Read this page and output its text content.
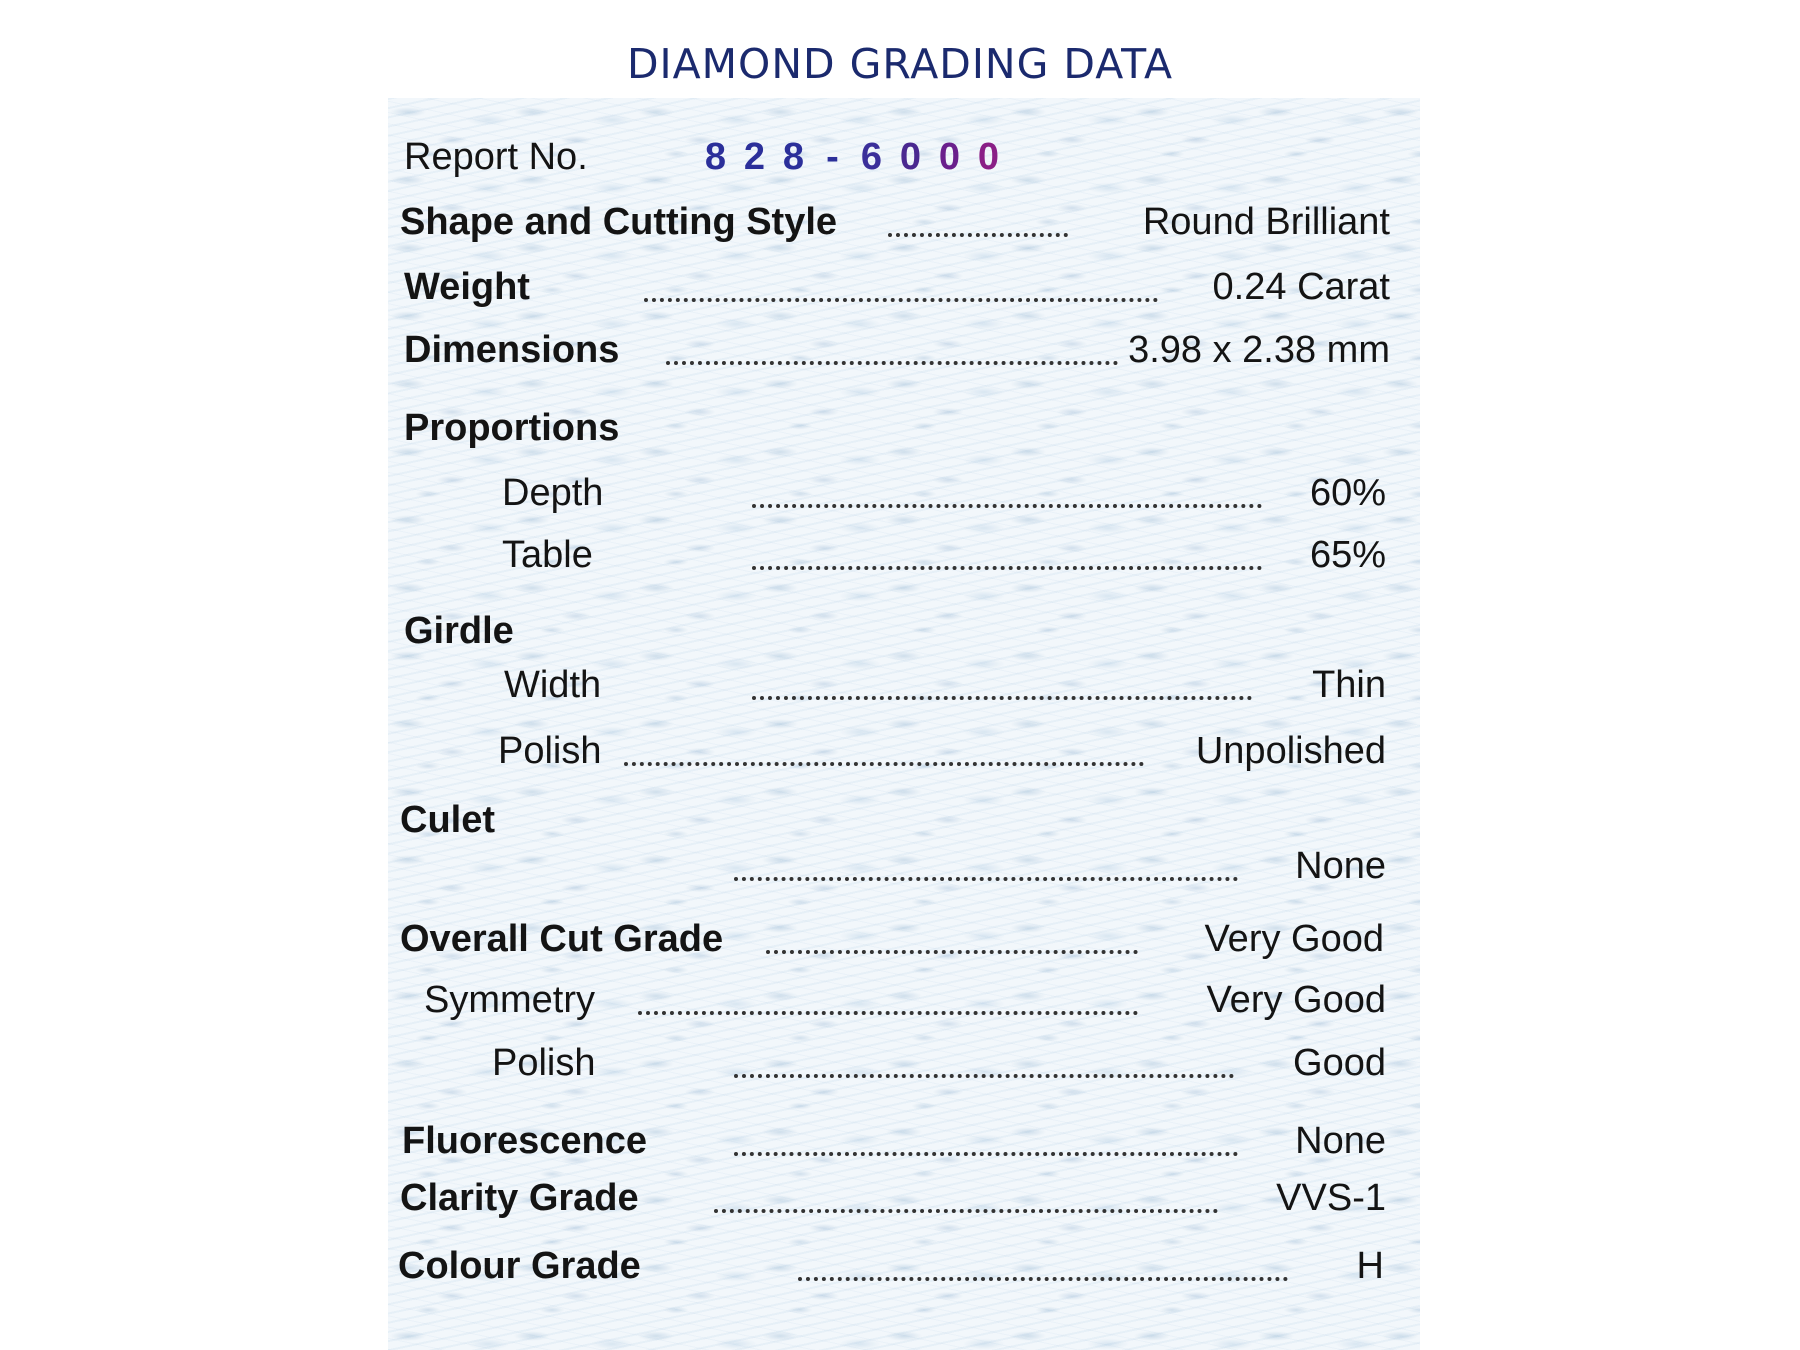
DIAMOND GRADING DATA
Report No.	8 2 8 - 6 0 0 0
Shape and Cutting Style	Round Brilliant
Weight	0.24 Carat
Dimensions	3.98 x 2.38 mm
Proportions
Depth	60%
Table	65%
Girdle
Width	Thin
Polish	Unpolished
Culet
None
Overall Cut Grade	Very Good
Symmetry	Very Good
Polish	Good
Fluorescence	None
Clarity Grade	VVS-1
Colour Grade	H
